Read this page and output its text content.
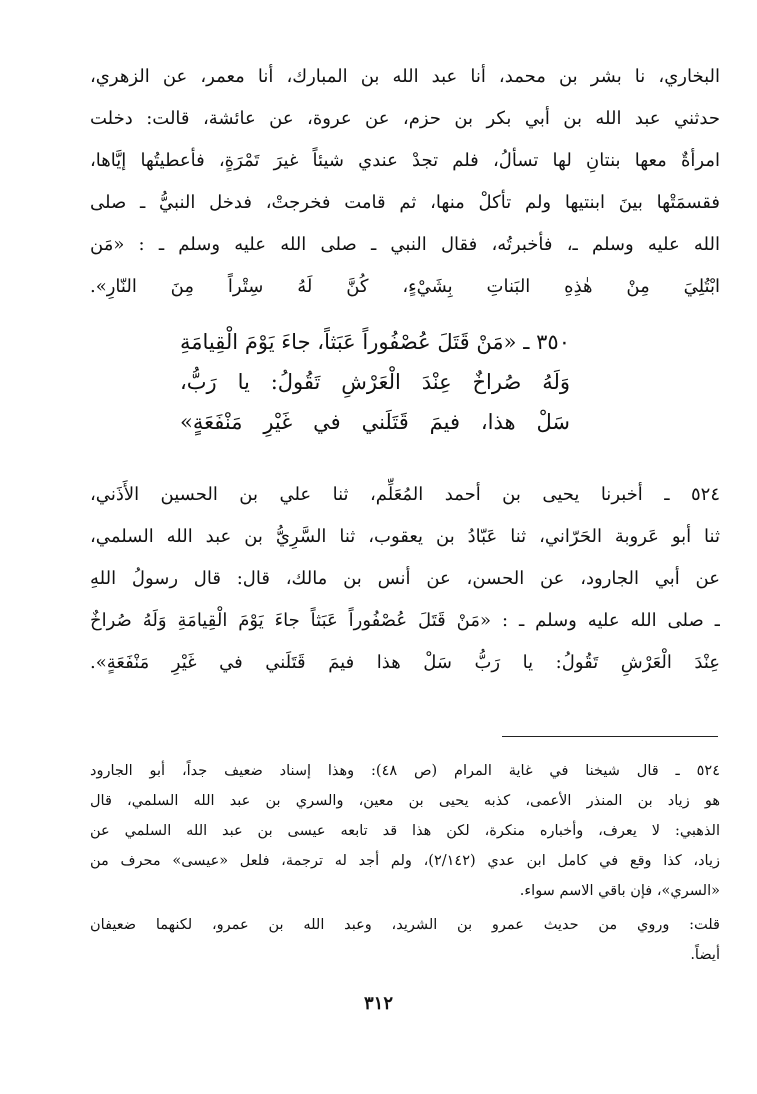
البخاري، نا بشر بن محمد، أنا عبد الله بن المبارك، أنا معمر، عن الزهري،
حدثني عبد الله بن أبي بكر بن حزم، عن عروة، عن عائشة، قالت: دخلت
امرأةٌ معها بنتانِ لها تسألُ، فلم تجدْ عندي شيئاً غيرَ تَمْرَةٍ، فأعطيتُها إيَّاها،
فقسمَتْها بينَ ابنتيها ولم تأكلْ منها، ثم قامت فخرجتْ، فدخل النبيُّ ـ صلى
الله عليه وسلم ـ، فأخبرتُه، فقال النبي ـ صلى الله عليه وسلم ـ : «مَن
ابْتُلِيَ مِنْ هٰذِهِ البَناتِ بِشَيْءٍ، كُنَّ لَهُ سِتْراً مِنَ النّارِ».
٣٥٠ ـ «مَنْ قَتَلَ عُصْفُوراً عَبَثاً، جاءَ يَوْمَ الْقِيامَةِ
وَلَهُ صُراخٌ عِنْدَ الْعَرْشِ تَقُولُ: يا رَبُّ،
سَلْ هذا، فيمَ قَتَلَني في غَيْرِ مَنْفَعَةٍ»
٥٢٤ ـ أخبرنا يحيى بن أحمد المُعَلِّم، ثنا علي بن الحسين الأَذَني،
ثنا أبو عَروبة الحَرّاني، ثنا عَبّادُ بن يعقوب، ثنا السَّرِيُّ بن عبد الله السلمي،
عن أبي الجارود، عن الحسن، عن أنس بن مالك، قال: قال رسولُ اللهِ
ـ صلى الله عليه وسلم ـ : «مَنْ قَتَلَ عُصْفُوراً عَبَثاً جاءَ يَوْمَ الْقِيامَةِ وَلَهُ صُراخٌ
عِنْدَ الْعَرْشِ تَقُولُ: يا رَبُّ سَلْ هذا فيمَ قَتَلَني في غَيْرِ مَنْفَعَةٍ».
٥٢٤ ـ قال شيخنا في غاية المرام (ص ٤٨): وهذا إسناد ضعيف جداً، أبو الجارود
هو زياد بن المنذر الأعمى، كذبه يحيى بن معين، والسري بن عبد الله السلمي، قال
الذهبي: لا يعرف، وأخباره منكرة، لكن هذا قد تابعه عيسى بن عبد الله السلمي عن
زياد، كذا وقع في كامل ابن عدي (٢/١٤٢)، ولم أجد له ترجمة، فلعل «عيسى» محرف من
«السري»، فإن باقي الاسم سواء.
قلت: وروي من حديث عمرو بن الشريد، وعبد الله بن عمرو، لكنهما ضعيفان
أيضاً.
٣١٢
